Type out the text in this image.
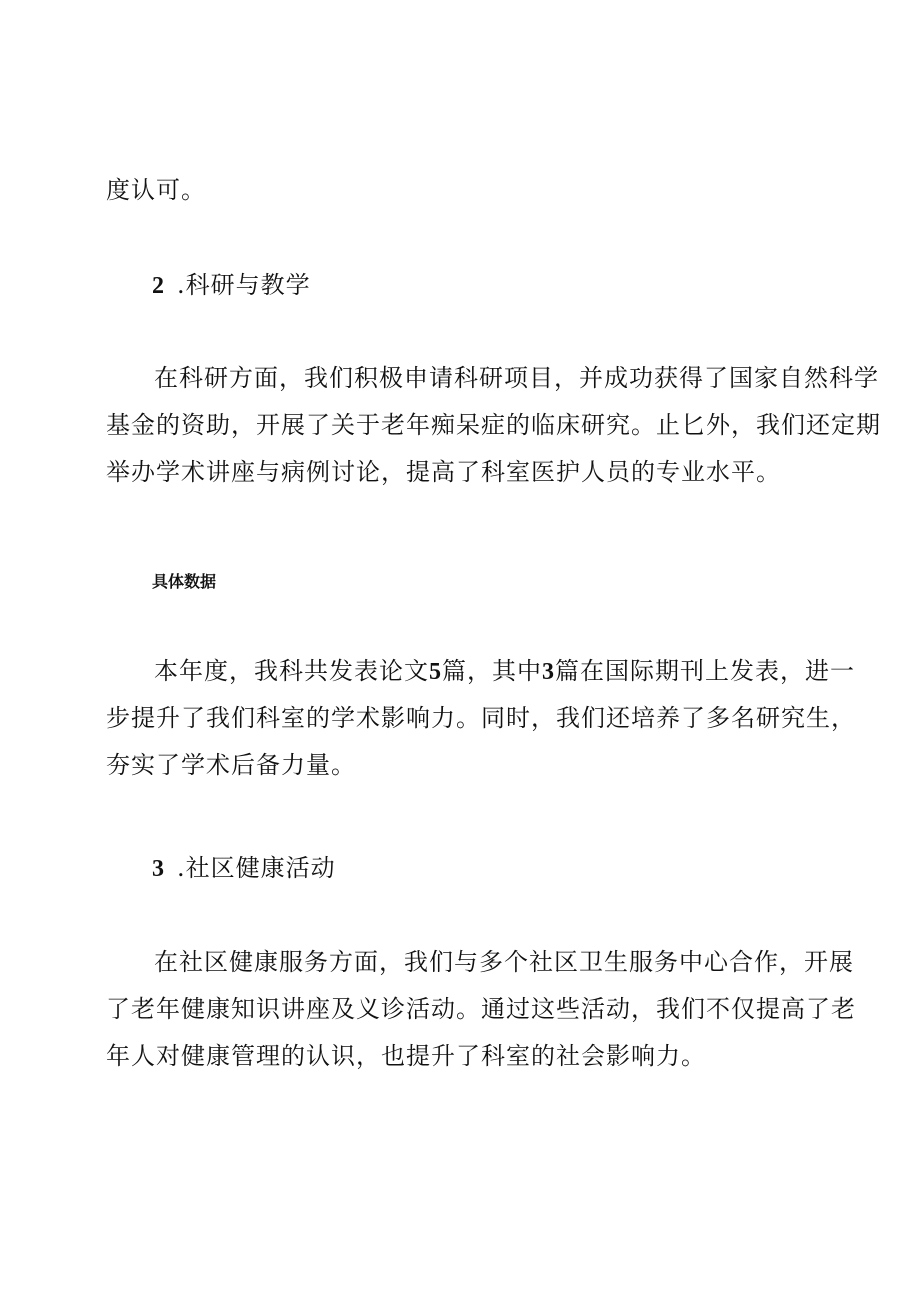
度认可。
2 .科研与教学
在科研方面，我们积极申请科研项目，并成功获得了国家自然科学
基金的资助，开展了关于老年痴呆症的临床研究。止匕外，我们还定期
举办学术讲座与病例讨论，提高了科室医护人员的专业水平。
具体数据
本年度，我科共发表论文5篇，其中3篇在国际期刊上发表，进一
步提升了我们科室的学术影响力。同时，我们还培养了多名研究生，
夯实了学术后备力量。
3 .社区健康活动
在社区健康服务方面，我们与多个社区卫生服务中心合作，开展
了老年健康知识讲座及义诊活动。通过这些活动，我们不仅提高了老
年人对健康管理的认识，也提升了科室的社会影响力。
